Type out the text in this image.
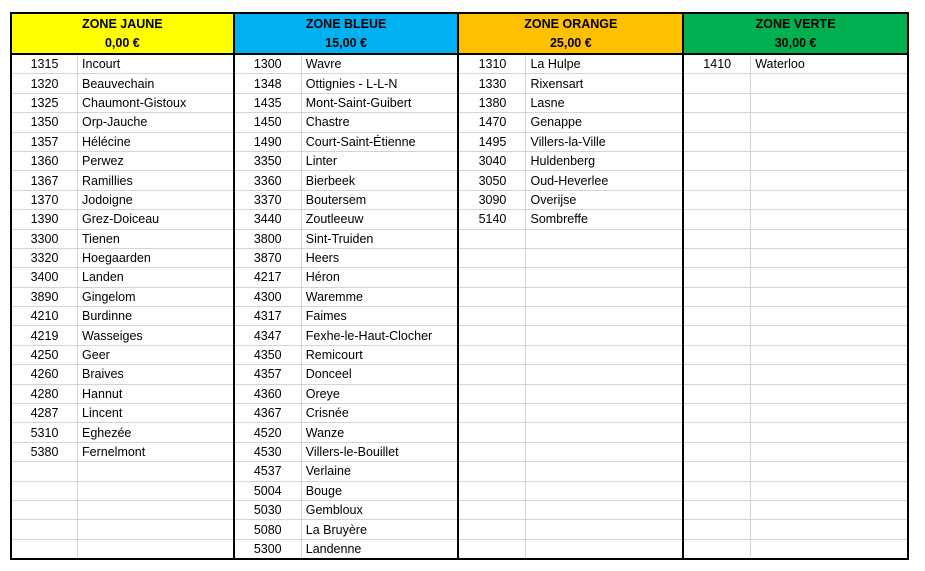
ZONE JAUNE		ZONE BLEUE		ZONE ORANGE		ZONE VERTE	
0,00 €		15,00 €		25,00 €		30,00 €	
1315	Incourt	1300	Wavre	1310	La Hulpe	1410	Waterloo
1320	Beauvechain	1348	Ottignies - L-L-N	1330	Rixensart		
1325	Chaumont-Gistoux	1435	Mont-Saint-Guibert	1380	Lasne		
1350	Orp-Jauche	1450	Chastre	1470	Genappe		
1357	Hélécine	1490	Court-Saint-Étienne	1495	Villers-la-Ville		
1360	Perwez	3350	Linter	3040	Huldenberg		
1367	Ramillies	3360	Bierbeek	3050	Oud-Heverlee		
1370	Jodoigne	3370	Boutersem	3090	Overijse		
1390	Grez-Doiceau	3440	Zoutleeuw	5140	Sombreffe		
3300	Tienen	3800	Sint-Truiden				
3320	Hoegaarden	3870	Heers				
3400	Landen	4217	Héron				
3890	Gingelom	4300	Waremme				
4210	Burdinne	4317	Faimes				
4219	Wasseiges	4347	Fexhe-le-Haut-Clocher				
4250	Geer	4350	Remicourt				
4260	Braives	4357	Donceel				
4280	Hannut	4360	Oreye				
4287	Lincent	4367	Crisnée				
5310	Eghezée	4520	Wanze				
5380	Fernelmont	4530	Villers-le-Bouillet				
		4537	Verlaine				
		5004	Bouge				
		5030	Gembloux				
		5080	La Bruyère				
		5300	Landenne				
